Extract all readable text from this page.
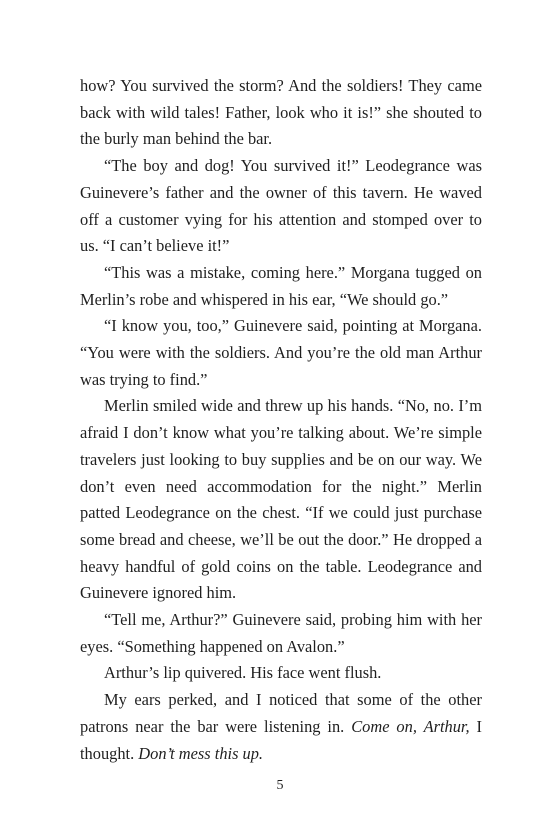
how? You survived the storm? And the soldiers! They came back with wild tales! Father, look who it is!” she shouted to the burly man behind the bar.

“The boy and dog! You survived it!” Leodegrance was Guinevere’s father and the owner of this tavern. He waved off a customer vying for his attention and stomped over to us. “I can’t believe it!”

“This was a mistake, coming here.” Morgana tugged on Merlin’s robe and whispered in his ear, “We should go.”

“I know you, too,” Guinevere said, pointing at Morgana. “You were with the soldiers. And you’re the old man Arthur was trying to find.”

Merlin smiled wide and threw up his hands. “No, no. I’m afraid I don’t know what you’re talking about. We’re simple travelers just looking to buy supplies and be on our way. We don’t even need accommodation for the night.” Merlin patted Leodegrance on the chest. “If we could just purchase some bread and cheese, we’ll be out the door.” He dropped a heavy handful of gold coins on the table. Leodegrance and Guinevere ignored him.

“Tell me, Arthur?” Guinevere said, probing him with her eyes. “Something happened on Avalon.”

Arthur’s lip quivered. His face went flush.

My ears perked, and I noticed that some of the other patrons near the bar were listening in. Come on, Arthur, I thought. Don’t mess this up.

5
